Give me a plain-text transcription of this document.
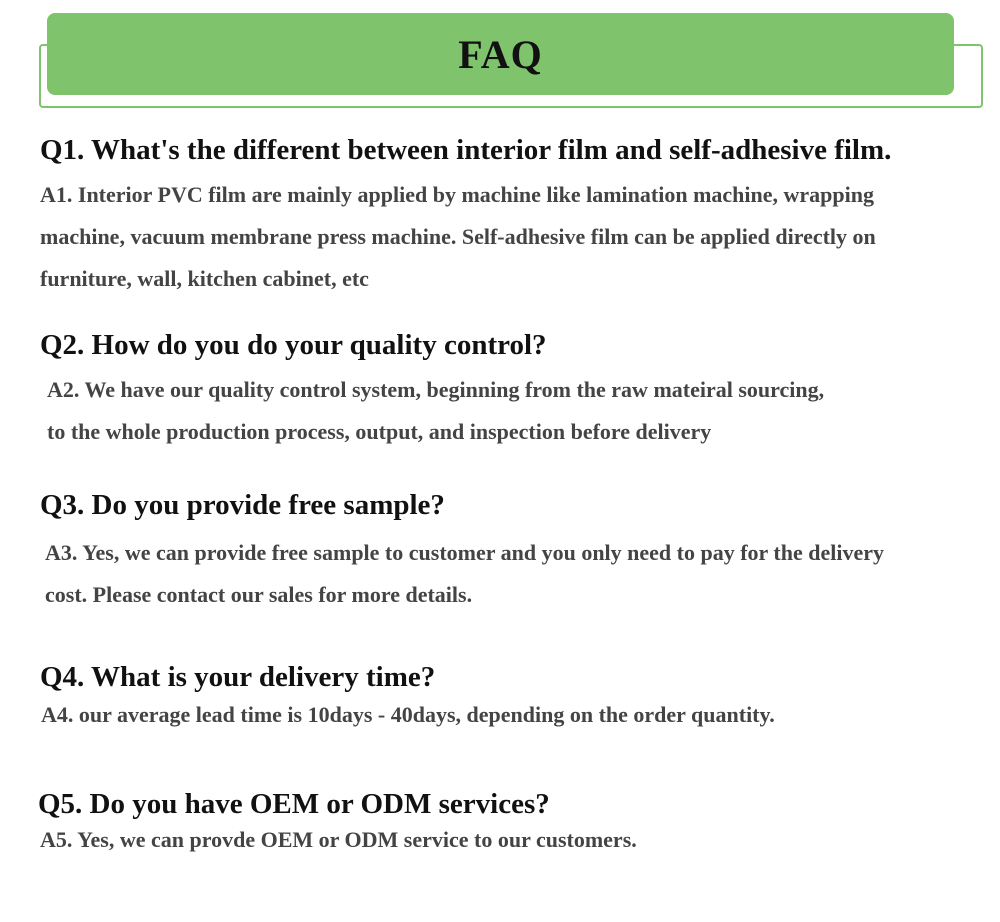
FAQ
Q1. What's the different between interior film and self-adhesive film.
A1. Interior PVC film are mainly applied by machine like lamination machine, wrapping
machine, vacuum membrane press machine. Self-adhesive film can be applied directly on
furniture, wall, kitchen cabinet, etc
Q2. How do you do your quality control?
A2. We have our quality control system, beginning from the raw mateiral sourcing,
to the whole production process, output, and inspection before delivery
Q3. Do you provide free sample?
A3. Yes, we can provide free sample to customer and you only need to pay for the delivery
cost. Please contact our sales for more details.
Q4. What is your delivery time?
A4. our average lead time is 10days - 40days, depending on the order quantity.
Q5. Do you have OEM or ODM services?
A5. Yes, we can provde OEM or ODM service to our customers.
